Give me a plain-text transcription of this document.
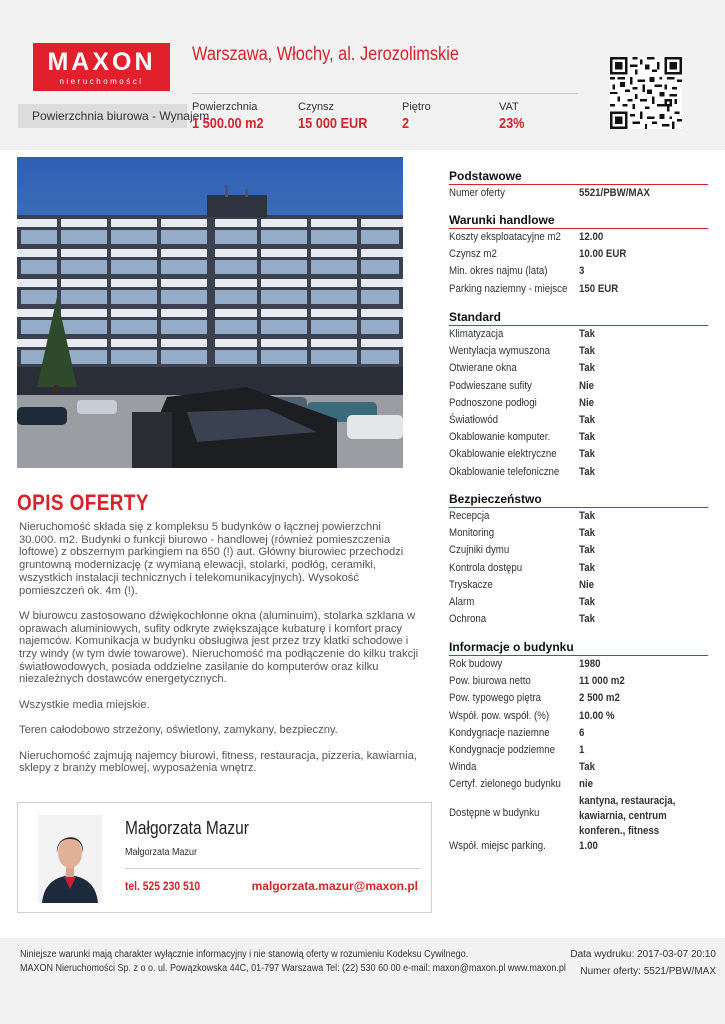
MAXON
nieruchomości
Warszawa, Włochy, al. Jerozolimskie
Powierzchnia biurowa - Wynajem
Powierzchnia
1 500.00 m2
Czynsz
15 000 EUR
Piętro
2
VAT
23%
OPIS OFERTY

Nieruchomość składa się z kompleksu 5 budynków o łącznej powierzchni 30.000. m2. Budynki o funkcji biurowo - handlowej (również pomieszczenia loftowe) z obszernym parkingiem na 650 (!) aut. Główny biurowiec przechodzi gruntowną modernizację (z wymianą elewacji, stolarki, podłóg, ceramiki, wszystkich instalacji technicznych i telekomunikacyjnych). Wysokość pomieszczeń ok. 4m (!).

W biurowcu zastosowano dźwiękochłonne okna (aluminuim), stolarka szklana w oprawach aluminiowych, sufity odkryte zwiększające kubaturę i komfort pracy najemców. Komunikacja w budynku obsługiwa jest przez trzy klatki schodowe i trzy windy (w tym dwie towarowe). Nieruchomość ma podłączenie do kilku trakcji światłowodowych, posiada oddzielne zasilanie do komputerów oraz kilku niezależnych dostawców energetycznych.

Wszystkie media miejskie.

Teren całodobowo strzeżony, oświetlony, zamykany, bezpieczny.

Nieruchomość zajmują najemcy biurowi, fitness, restauracja, pizzeria, kawiarnia, sklepy z branży meblowej, wyposażenia wnętrz.

Małgorzata Mazur
Małgorzata Mazur
tel. 525 230 510	malgorzata.mazur@maxon.pl
Podstawowe
Numer oferty	5521/PBW/MAX
Warunki handlowe
Koszty eksploatacyjne m2 12.00
Czynsz m2	10.00 EUR
Min. okres najmu (lata)	3
Parking naziemny - miejsce 150 EUR
Standard
Klimatyzacja	Tak
Wentylacja wymuszona	Tak
Otwierane okna	Tak
Podwieszane sufity	Nie
Podnoszone podłogi	Nie
Światłowód	Tak
Okablowanie komputer.	Tak
Okablowanie elektryczne Tak
Okablowanie telefoniczne Tak
Bezpieczeństwo
Recepcja	Tak
Monitoring	Tak
Czujniki dymu	Tak
Kontrola dostępu	Tak
Tryskacze	Nie
Alarm	Tak
Ochrona	Tak
Informacje o budynku
Rok budowy	1980
Pow. biurowa netto	11 000 m2
Pow. typowego piętra	2 500 m2
Współ. pow. współ. (%)	10.00 %
Kondygnacje naziemne	6
Kondygnacje podziemne 1
Winda	Tak
Certyf. zielonego budynku nie
Dostępne w budynku
kantyna, restauracja, kawiarnia, centrum konferen., fitness
Współ. miejsc parking.	1.00
Niniejsze warunki mają charakter wyłącznie informacyjny i nie stanowią oferty w rozumieniu Kodeksu Cywilnego.
MAXON Nieruchomości Sp. z o o. ul. Powązkowska 44C, 01-797 Warszawa Tel: (22) 530 60 00 e-mail: maxon@maxon.pl www.maxon.pl
Data wydruku: 2017-03-07 20:10
Numer oferty: 5521/PBW/MAX
